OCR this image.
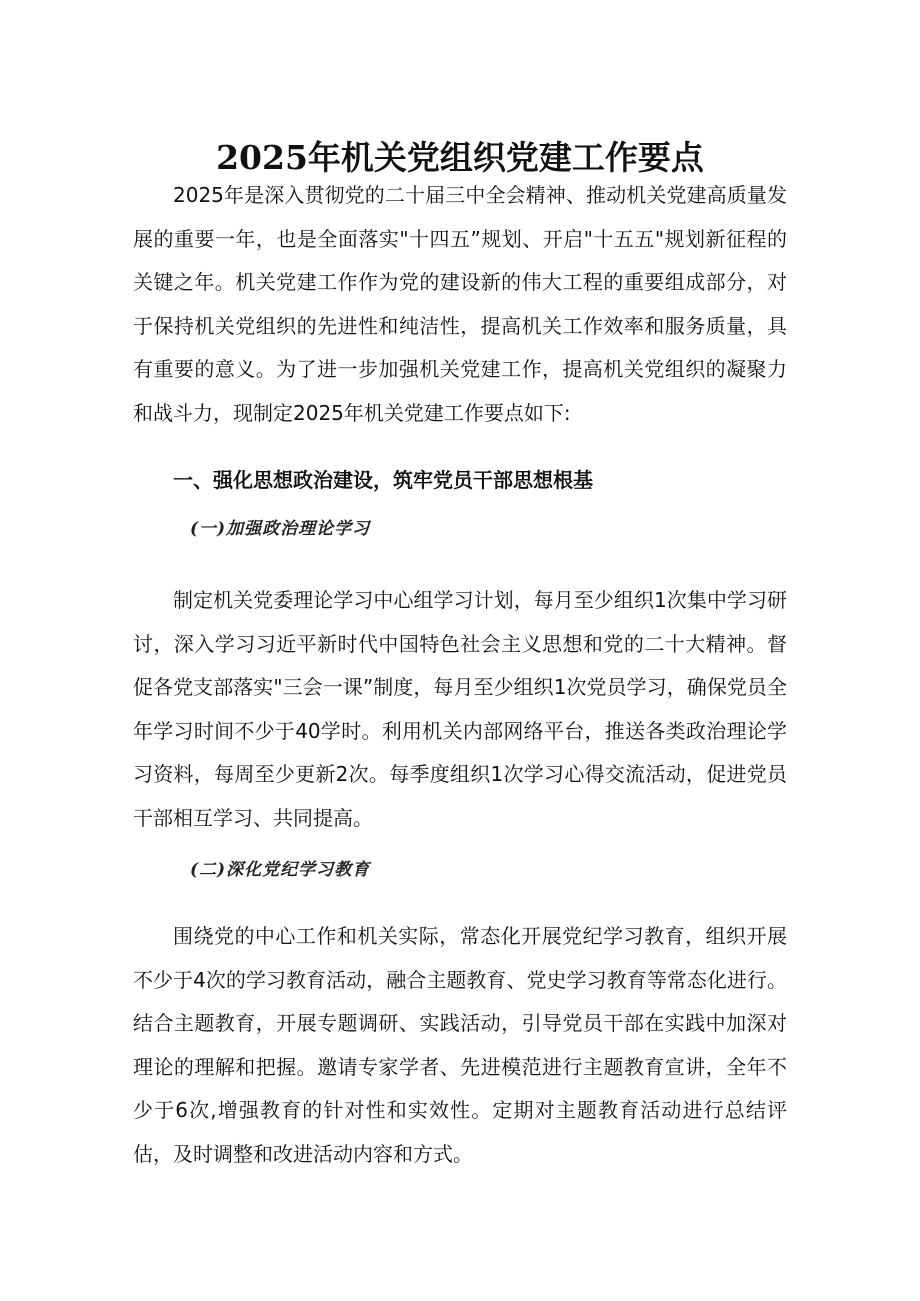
2025年机关党组织党建工作要点

2025年是深入贯彻党的二十届三中全会精神、推动机关党建高质量发展的重要一年，也是全面落实"十四五”规划、开启"十五五"规划新征程的关键之年。机关党建工作作为党的建设新的伟大工程的重要组成部分，对于保持机关党组织的先进性和纯洁性，提高机关工作效率和服务质量，具有重要的意义。为了进一步加强机关党建工作，提高机关党组织的凝聚力和战斗力，现制定2025年机关党建工作要点如下:

一、强化思想政治建设，筑牢党员干部思想根基
(一)加强政治理论学习

制定机关党委理论学习中心组学习计划，每月至少组织1次集中学习研讨，深入学习习近平新时代中国特色社会主义思想和党的二十大精神。督促各党支部落实"三会一课”制度，每月至少组织1次党员学习，确保党员全年学习时间不少于40学时。利用机关内部网络平台，推送各类政治理论学习资料，每周至少更新2次。每季度组织1次学习心得交流活动，促进党员干部相互学习、共同提高。

(二)深化党纪学习教育

围绕党的中心工作和机关实际，常态化开展党纪学习教育，组织开展不少于4次的学习教育活动，融合主题教育、党史学习教育等常态化进行。结合主题教育，开展专题调研、实践活动，引导党员干部在实践中加深对理论的理解和把握。邀请专家学者、先进模范进行主题教育宣讲，全年不少于6次,增强教育的针对性和实效性。定期对主题教育活动进行总结评估，及时调整和改进活动内容和方式。
